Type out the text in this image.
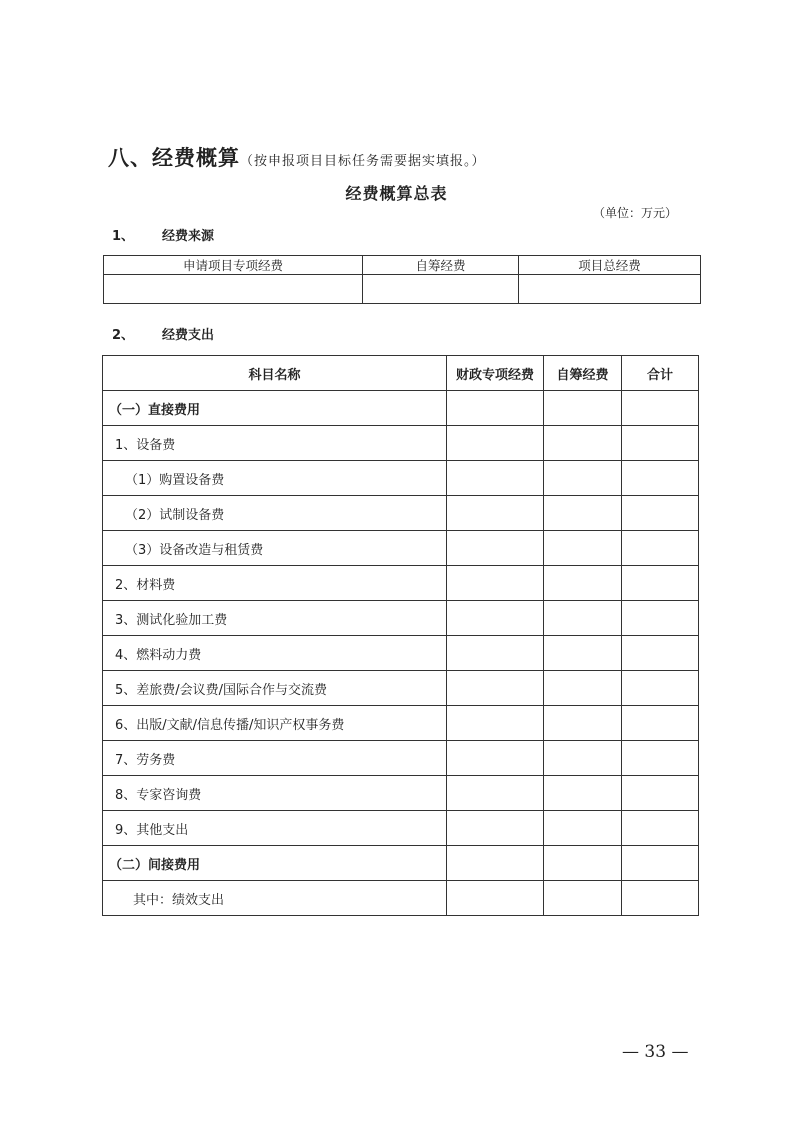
八、经费概算（按申报项目目标任务需要据实填报。）
经费概算总表
（单位：万元）
1、 经费来源
申请项目专项经费	自筹经费	项目总经费

2、 经费支出
科目名称	财政专项经费	自筹经费	合计
（一）直接费用			
1、设备费			
（1）购置设备费			
（2）试制设备费			
（3）设备改造与租赁费			
2、材料费			
3、测试化验加工费			
4、燃料动力费			
5、差旅费/会议费/国际合作与交流费			
6、出版/文献/信息传播/知识产权事务费			
7、劳务费			
8、专家咨询费			
9、其他支出			
（二）间接费用			
其中：绩效支出			
— 33 —
